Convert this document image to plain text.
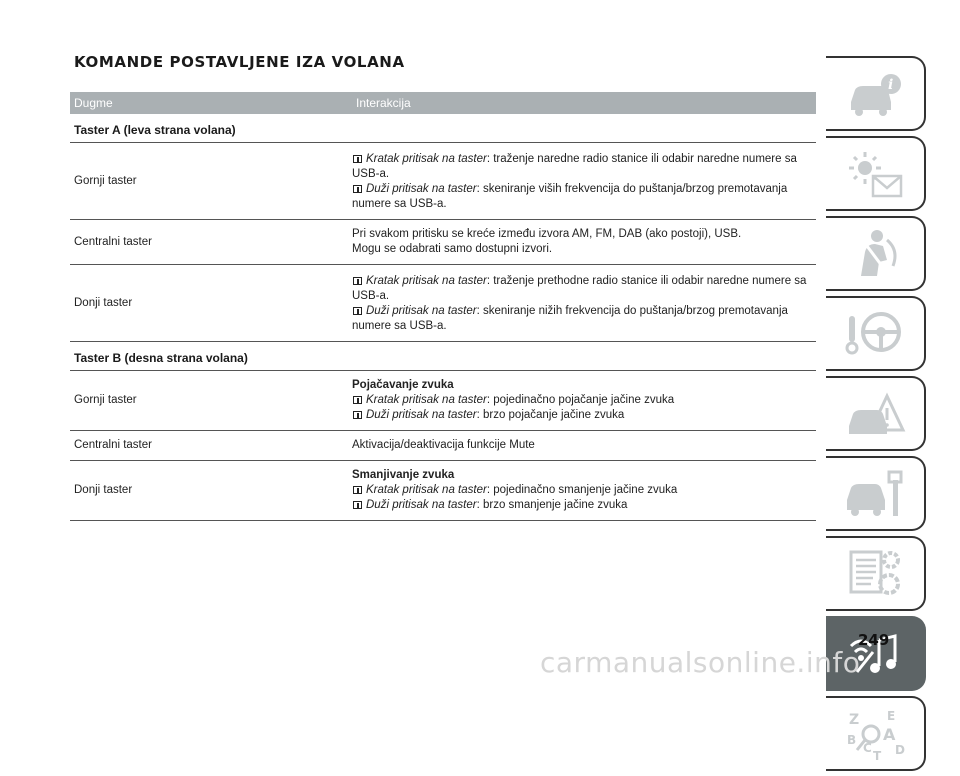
KOMANDE POSTAVLJENE IZA VOLANA
Dugme	Interakcija
Taster A (leva strana volana)
Gornji taster
Kratak pritisak na taster: traženje naredne radio stanice ili odabir naredne numere sa USB-a.
Duži pritisak na taster: skeniranje viših frekvencija do puštanja/brzog premotavanja numere sa USB-a.
Centralni taster
Pri svakom pritisku se kreće između izvora AM, FM, DAB (ako postoji), USB.
Mogu se odabrati samo dostupni izvori.
Donji taster
Kratak pritisak na taster: traženje prethodne radio stanice ili odabir naredne numere sa USB-a.
Duži pritisak na taster: skeniranje nižih frekvencija do puštanja/brzog premotavanja numere sa USB-a.
Taster B (desna strana volana)
Gornji taster
Pojačavanje zvuka
Kratak pritisak na taster: pojedinačno pojačanje jačine zvuka
Duži pritisak na taster: brzo pojačanje jačine zvuka
Centralni taster	Aktivacija/deaktivacija funkcije Mute
Donji taster
Smanjivanje zvuka
Kratak pritisak na taster: pojedinačno smanjenje jačine zvuka
Duži pritisak na taster: brzo smanjenje jačine zvuka
i
Z E
A
B
C D
T
249
carmanualsonline.info
